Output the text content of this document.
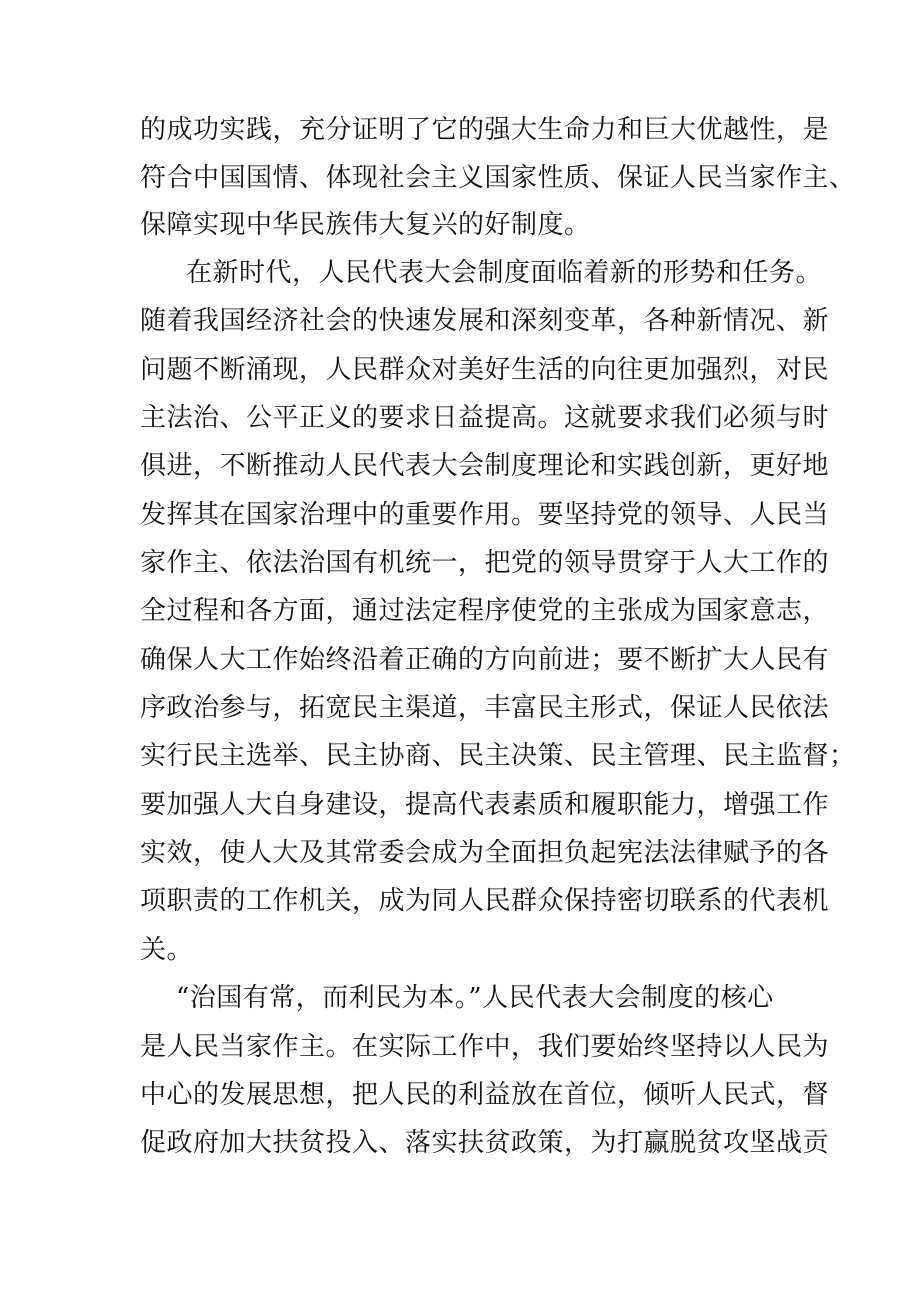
的成功实践，充分证明了它的强大生命力和巨大优越性，是
符合中国国情、体现社会主义国家性质、保证人民当家作主、
保障实现中华民族伟大复兴的好制度。
在新时代，人民代表大会制度面临着新的形势和任务。
随着我国经济社会的快速发展和深刻变革，各种新情况、新
问题不断涌现，人民群众对美好生活的向往更加强烈，对民
主法治、公平正义的要求日益提高。这就要求我们必须与时
俱进，不断推动人民代表大会制度理论和实践创新，更好地
发挥其在国家治理中的重要作用。要坚持党的领导、人民当
家作主、依法治国有机统一，把党的领导贯穿于人大工作的
全过程和各方面，通过法定程序使党的主张成为国家意志，
确保人大工作始终沿着正确的方向前进；要不断扩大人民有
序政治参与，拓宽民主渠道，丰富民主形式，保证人民依法
实行民主选举、民主协商、民主决策、民主管理、民主监督；
要加强人大自身建设，提高代表素质和履职能力，增强工作
实效，使人大及其常委会成为全面担负起宪法法律赋予的各
项职责的工作机关，成为同人民群众保持密切联系的代表机
关。
“治国有常，而利民为本。”人民代表大会制度的核心
是人民当家作主。在实际工作中，我们要始终坚持以人民为
中心的发展思想，把人民的利益放在首位，倾听人民式，督
促政府加大扶贫投入、落实扶贫政策，为打赢脱贫攻坚战贡
